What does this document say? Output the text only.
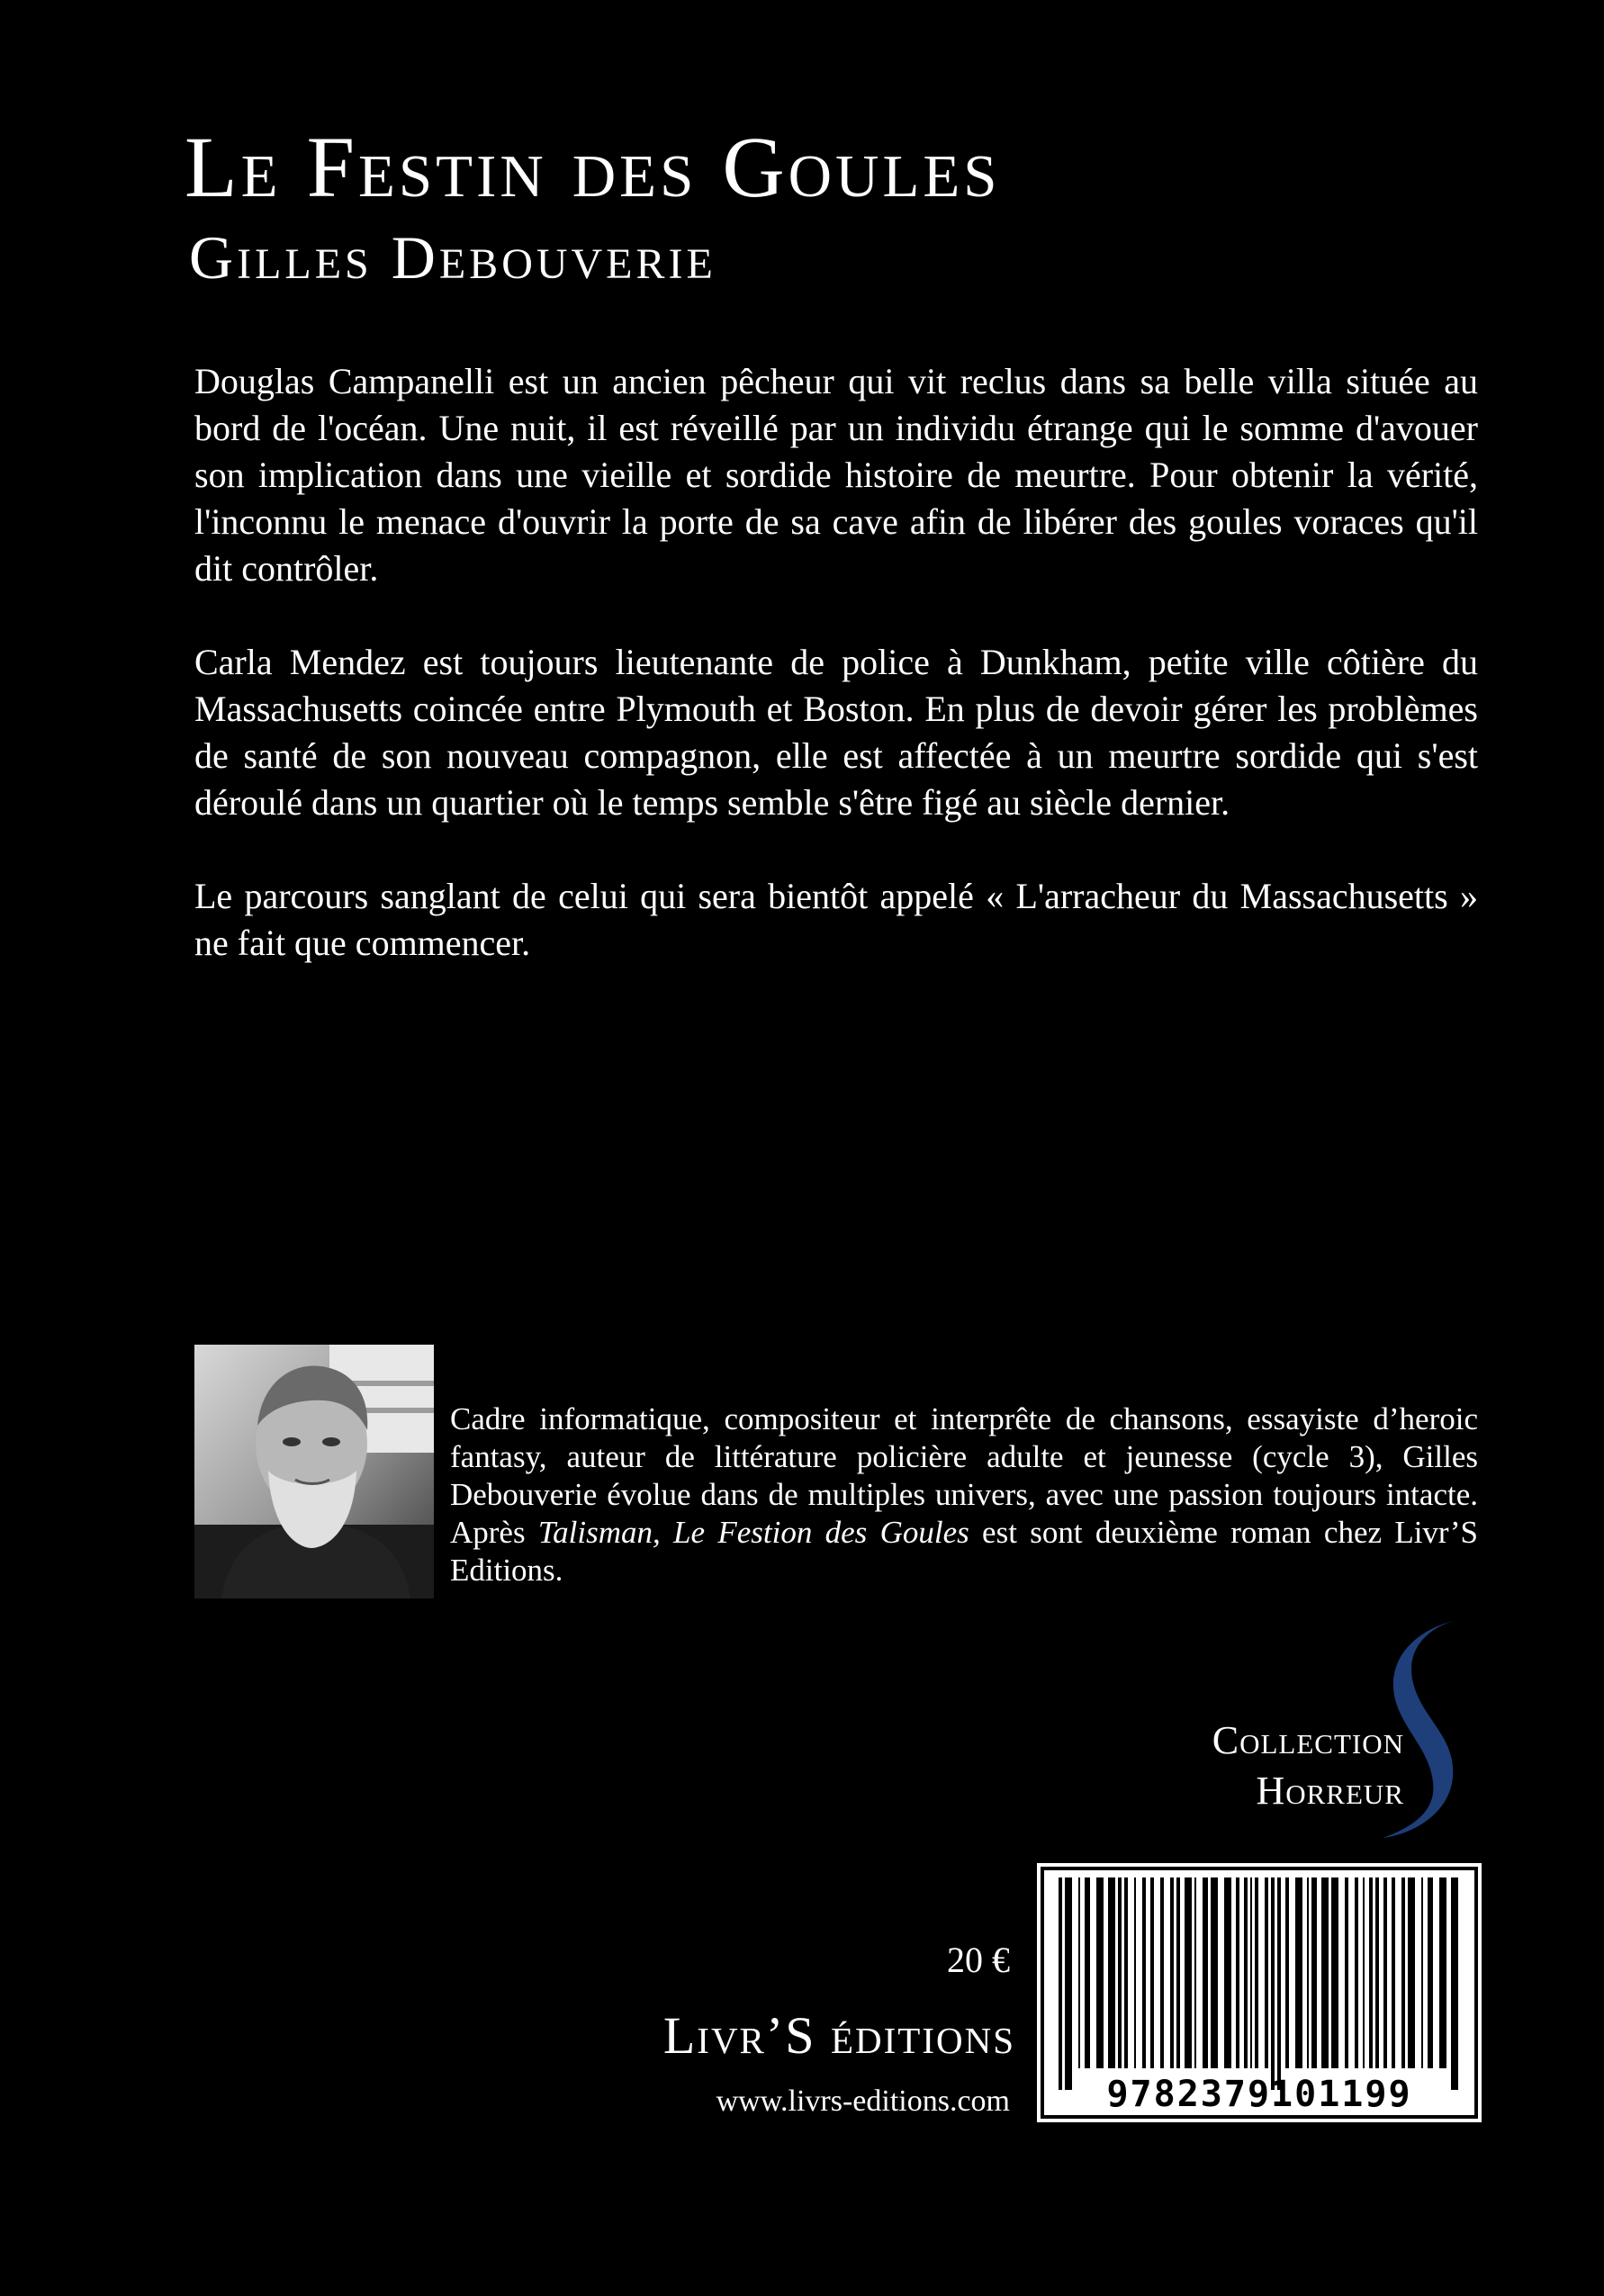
Le Festin des Goules
Gilles Debouverie

Douglas Campanelli est un ancien pêcheur qui vit reclus dans sa belle villa située au bord de l'océan. Une nuit, il est réveillé par un individu étrange qui le somme d'avouer son implication dans une vieille et sordide histoire de meurtre. Pour obtenir la vérité, l'inconnu le menace d'ouvrir la porte de sa cave afin de libérer des goules voraces qu'il dit contrôler.

Carla Mendez est toujours lieutenante de police à Dunkham, petite ville côtière du Massachusetts coincée entre Plymouth et Boston. En plus de devoir gérer les problèmes de santé de son nouveau compagnon, elle est affectée à un meurtre sordide qui s'est déroulé dans un quartier où le temps semble s'être figé au siècle dernier.

Le parcours sanglant de celui qui sera bientôt appelé « L'arracheur du Massachusetts » ne fait que commencer.

Cadre informatique, compositeur et interprête de chansons, essayiste d’heroic fantasy, auteur de littérature policière adulte et jeunesse (cycle 3), Gilles Debouverie évolue dans de multiples univers, avec une passion toujours intacte. Après Talisman, Le Festion des Goules est sont deuxième roman chez Livr’S Editions.
Collection
Horreur
20 €
Livr’S éditions
www.livrs-editions.com	9782379101199
